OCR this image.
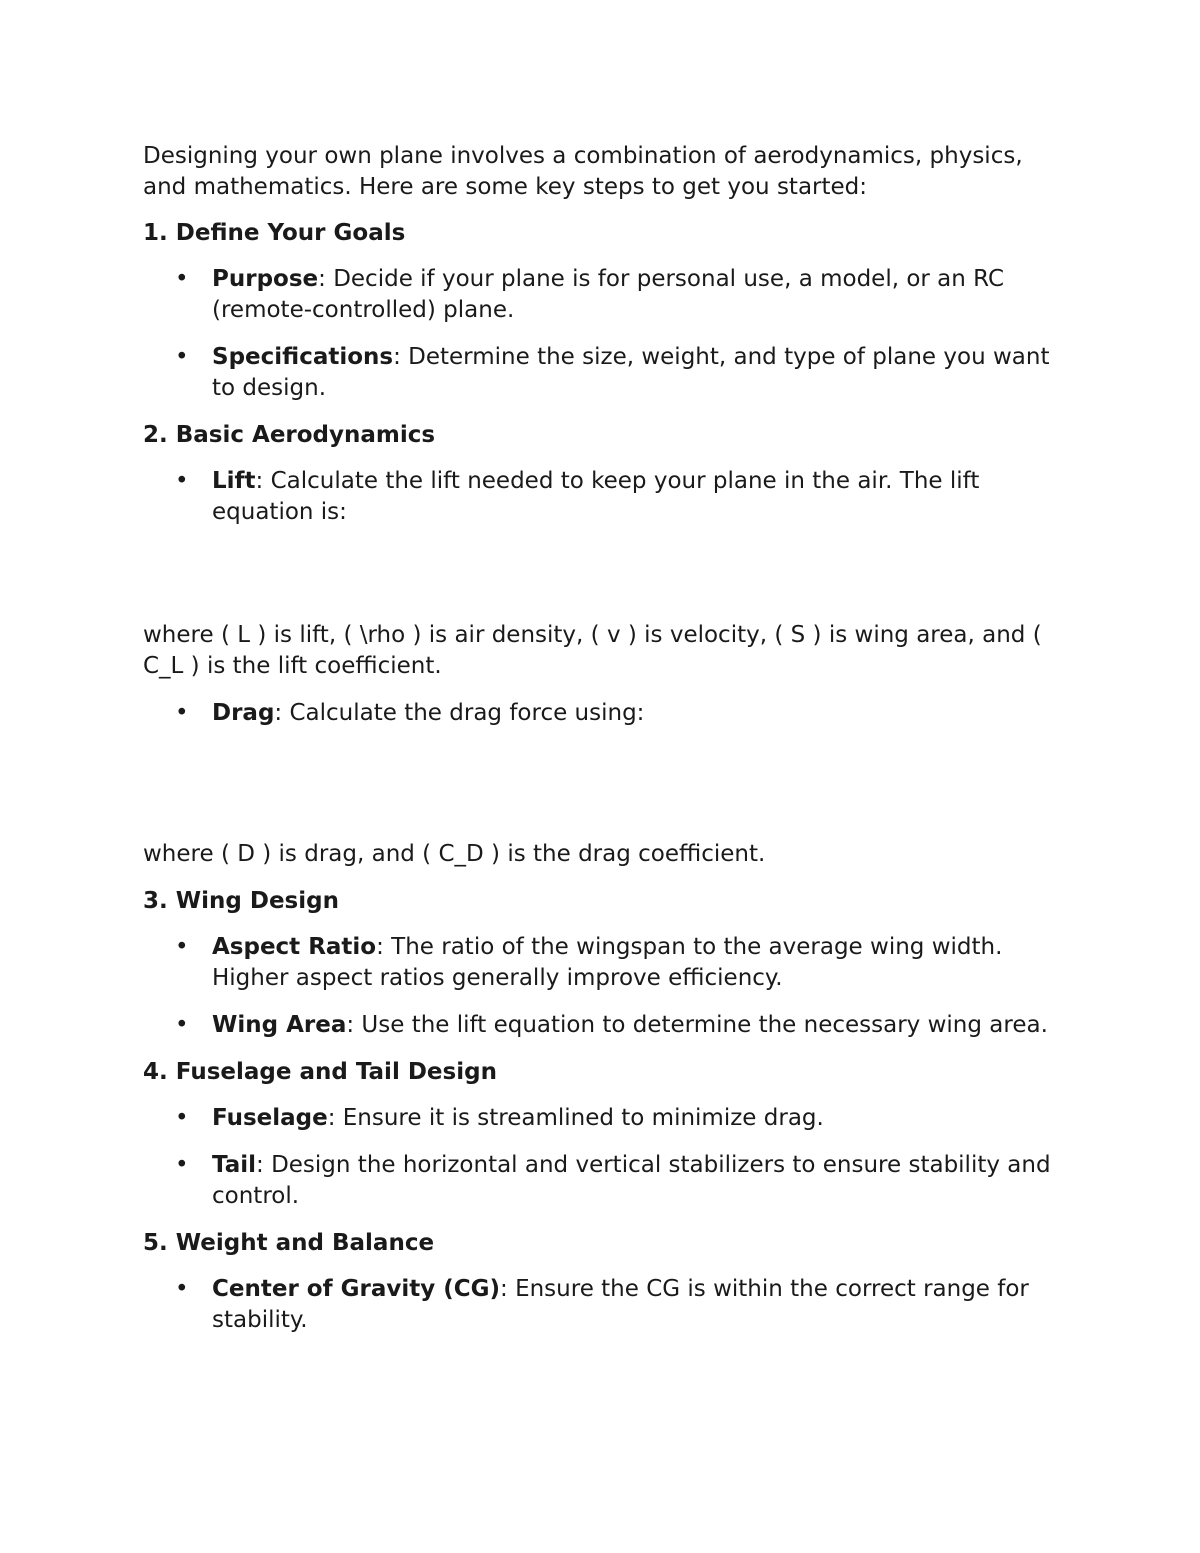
Designing your own plane involves a combination of aerodynamics, physics, and mathematics. Here are some key steps to get you started:

1. Define Your Goals
• Purpose: Decide if your plane is for personal use, a model, or an RC (remote-controlled) plane.
• Specifications: Determine the size, weight, and type of plane you want to design.
2. Basic Aerodynamics
• Lift: Calculate the lift needed to keep your plane in the air. The lift equation is:

where ( L ) is lift, ( \rho ) is air density, ( v ) is velocity, ( S ) is wing area, and ( C_L ) is the lift coefficient.

• Drag: Calculate the drag force using:

where ( D ) is drag, and ( C_D ) is the drag coefficient.

3. Wing Design
• Aspect Ratio: The ratio of the wingspan to the average wing width. Higher aspect ratios generally improve efficiency.
• Wing Area: Use the lift equation to determine the necessary wing area.
4. Fuselage and Tail Design
• Fuselage: Ensure it is streamlined to minimize drag.
• Tail: Design the horizontal and vertical stabilizers to ensure stability and control.
5. Weight and Balance
• Center of Gravity (CG): Ensure the CG is within the correct range for stability.
